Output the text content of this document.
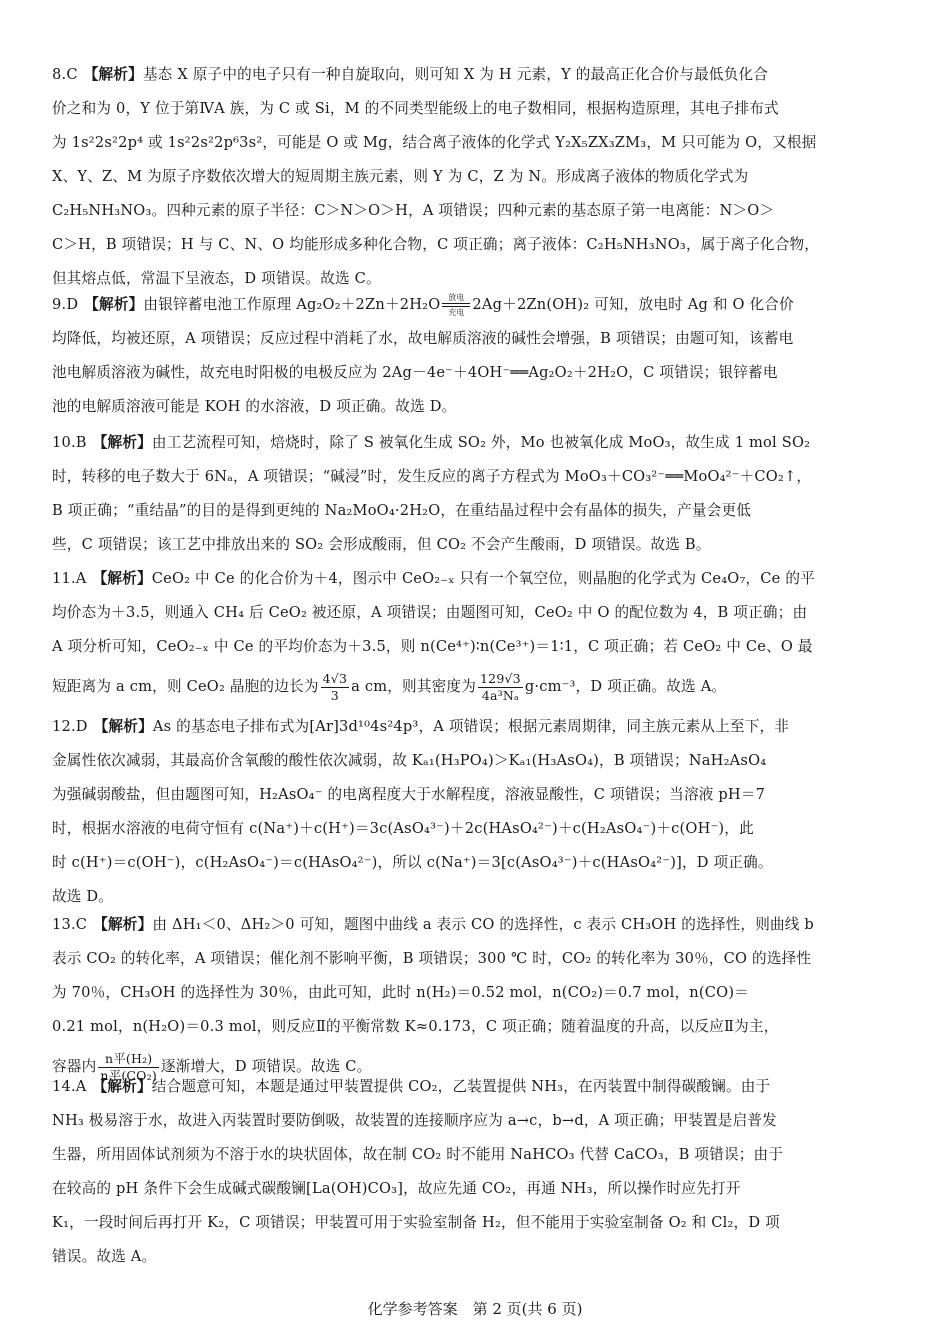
8.C 【解析】基态 X 原子中的电子只有一种自旋取向，则可知 X 为 H 元素，Y 的最高正化合价与最低负化合
价之和为 0，Y 位于第ⅣA 族，为 C 或 Si，M 的不同类型能级上的电子数相同，根据构造原理，其电子排布式
为 1s²2s²2p⁴ 或 1s²2s²2p⁶3s²，可能是 O 或 Mg，结合离子液体的化学式 Y₂X₅ZX₃ZM₃，M 只可能为 O，又根据
X、Y、Z、M 为原子序数依次增大的短周期主族元素，则 Y 为 C，Z 为 N。形成离子液体的物质化学式为
C₂H₅NH₃NO₃。四种元素的原子半径：C＞N＞O＞H，A 项错误；四种元素的基态原子第一电离能：N＞O＞
C＞H，B 项错误；H 与 C、N、O 均能形成多种化合物，C 项正确；离子液体：C₂H₅NH₃NO₃，属于离子化合物，
但其熔点低，常温下呈液态，D 项错误。故选 C。
9.D 【解析】由银锌蓄电池工作原理 Ag₂O₂＋2Zn＋2H₂O 放电
充电 2Ag＋2Zn(OH)₂ 可知，放电时 Ag 和 O 化合价
均降低，均被还原，A 项错误；反应过程中消耗了水，故电解质溶液的碱性会增强，B 项错误；由题可知，该蓄电
池电解质溶液为碱性，故充电时阳极的电极反应为 2Ag－4e⁻＋4OH⁻══Ag₂O₂＋2H₂O，C 项错误；银锌蓄电
池的电解质溶液可能是 KOH 的水溶液，D 项正确。故选 D。
10.B 【解析】由工艺流程可知，焙烧时，除了 S 被氧化生成 SO₂ 外，Mo 也被氧化成 MoO₃，故生成 1 mol SO₂
时，转移的电子数大于 6Nₐ，A 项错误；“碱浸”时，发生反应的离子方程式为 MoO₃＋CO₃²⁻══MoO₄²⁻＋CO₂↑，
B 项正确；“重结晶”的目的是得到更纯的 Na₂MoO₄·2H₂O，在重结晶过程中会有晶体的损失，产量会更低
些，C 项错误；该工艺中排放出来的 SO₂ 会形成酸雨，但 CO₂ 不会产生酸雨，D 项错误。故选 B。
11.A 【解析】CeO₂ 中 Ce 的化合价为＋4，图示中 CeO₂₋ₓ 只有一个氧空位，则晶胞的化学式为 Ce₄O₇，Ce 的平
均价态为＋3.5，则通入 CH₄ 后 CeO₂ 被还原，A 项错误；由题图可知，CeO₂ 中 O 的配位数为 4，B 项正确；由
A 项分析可知，CeO₂₋ₓ 中 Ce 的平均价态为＋3.5，则 n(Ce⁴⁺)∶n(Ce³⁺)＝1∶1，C 项正确；若 CeO₂ 中 Ce、O 最
短距离为 a cm，则 CeO₂ 晶胞的边长为 $\frac{4√3}{3}$ a cm，则其密度为 $\frac{129√3}{\text{4a³Nₐ}} g\cdot cm^{-3}$，D 项正确。故选 A。
12.D 【解析】As 的基态电子排布式为[Ar]3d¹⁰4s²4p³，A 项错误；根据元素周期律，同主族元素从上至下，非
金属性依次减弱，其最高价含氧酸的酸性依次减弱，故 Kₐ₁(H₃PO₄)＞Kₐ₁(H₃AsO₄)，B 项错误；NaH₂AsO₄
为强碱弱酸盐，但由题图可知，H₂AsO₄⁻ 的电离程度大于水解程度，溶液显酸性，C 项错误；当溶液 pH＝7
时，根据水溶液的电荷守恒有 c(Na⁺)＋c(H⁺)＝3c(AsO₄³⁻)＋2c(HAsO₄²⁻)＋c(H₂AsO₄⁻)＋c(OH⁻)，此
时 c(H⁺)＝c(OH⁻)，c(H₂AsO₄⁻)＝c(HAsO₄²⁻)，所以 c(Na⁺)＝3[c(AsO₄³⁻)＋c(HAsO₄²⁻)]，D 项正确。
故选 D。
13.C 【解析】由 ΔH₁＜0、ΔH₂＞0 可知，题图中曲线 a 表示 CO 的选择性，c 表示 CH₃OH 的选择性，则曲线 b
表示 CO₂ 的转化率，A 项错误；催化剂不影响平衡，B 项错误；300 ℃ 时，CO₂ 的转化率为 30％，CO 的选择性
为 70％，CH₃OH 的选择性为 30％，由此可知，此时 n(H₂)＝0.52 mol，n(CO₂)＝0.7 mol，n(CO)＝
0.21 mol，n(H₂O)＝0.3 mol，则反应Ⅱ的平衡常数 K≈0.173，C 项正确；随着温度的升高，以反应Ⅱ为主，
容器内 $\frac{\text{n平(H₂)}}{\text{n平(CO₂)}}$ 逐渐增大，D 项错误。故选 C。
14.A 【解析】结合题意可知，本题是通过甲装置提供 CO₂，乙装置提供 NH₃，在丙装置中制得碳酸镧。由于
NH₃ 极易溶于水，故进入丙装置时要防倒吸，故装置的连接顺序应为 a→c，b→d，A 项正确；甲装置是启普发
生器，所用固体试剂须为不溶于水的块状固体，故在制 CO₂ 时不能用 NaHCO₃ 代替 CaCO₃，B 项错误；由于
在较高的 pH 条件下会生成碱式碳酸镧[La(OH)CO₃]，故应先通 CO₂，再通 NH₃，所以操作时应先打开
K₁，一段时间后再打开 K₂，C 项错误；甲装置可用于实验室制备 H₂，但不能用于实验室制备 O₂ 和 Cl₂，D 项
错误。故选 A。
化学参考答案　第 2 页(共 6 页)
